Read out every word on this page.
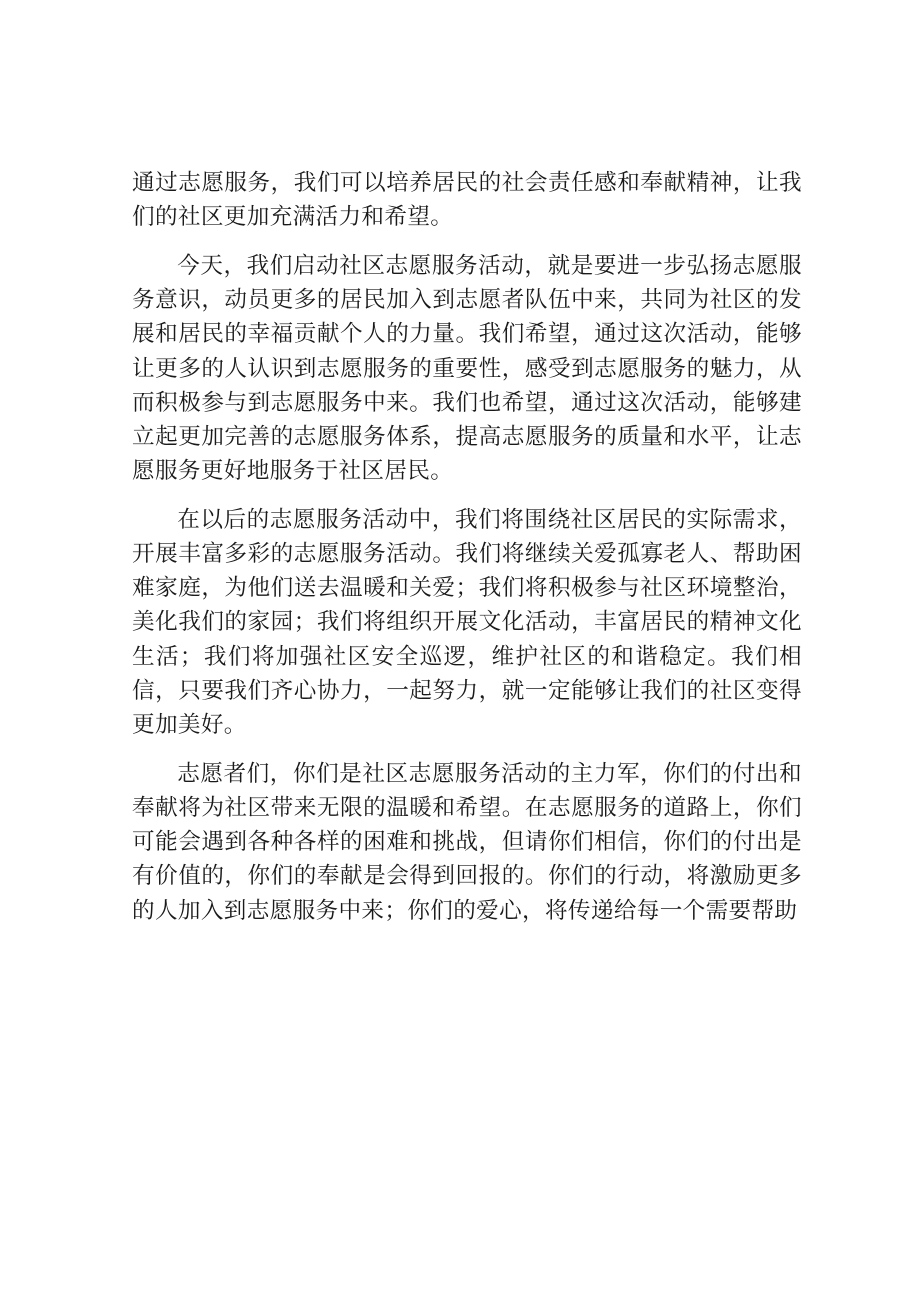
通过志愿服务，我们可以培养居民的社会责任感和奉献精神，让我们的社区更加充满活力和希望。

今天，我们启动社区志愿服务活动，就是要进一步弘扬志愿服务意识，动员更多的居民加入到志愿者队伍中来，共同为社区的发展和居民的幸福贡献个人的力量。我们希望，通过这次活动，能够让更多的人认识到志愿服务的重要性，感受到志愿服务的魅力，从而积极参与到志愿服务中来。我们也希望，通过这次活动，能够建立起更加完善的志愿服务体系，提高志愿服务的质量和水平，让志愿服务更好地服务于社区居民。

在以后的志愿服务活动中，我们将围绕社区居民的实际需求，开展丰富多彩的志愿服务活动。我们将继续关爱孤寡老人、帮助困难家庭，为他们送去温暖和关爱；我们将积极参与社区环境整治，美化我们的家园；我们将组织开展文化活动，丰富居民的精神文化生活；我们将加强社区安全巡逻，维护社区的和谐稳定。我们相信，只要我们齐心协力，一起努力，就一定能够让我们的社区变得更加美好。

志愿者们，你们是社区志愿服务活动的主力军，你们的付出和奉献将为社区带来无限的温暖和希望。在志愿服务的道路上，你们可能会遇到各种各样的困难和挑战，但请你们相信，你们的付出是有价值的，你们的奉献是会得到回报的。你们的行动，将激励更多的人加入到志愿服务中来；你们的爱心，将传递给每一个需要帮助
